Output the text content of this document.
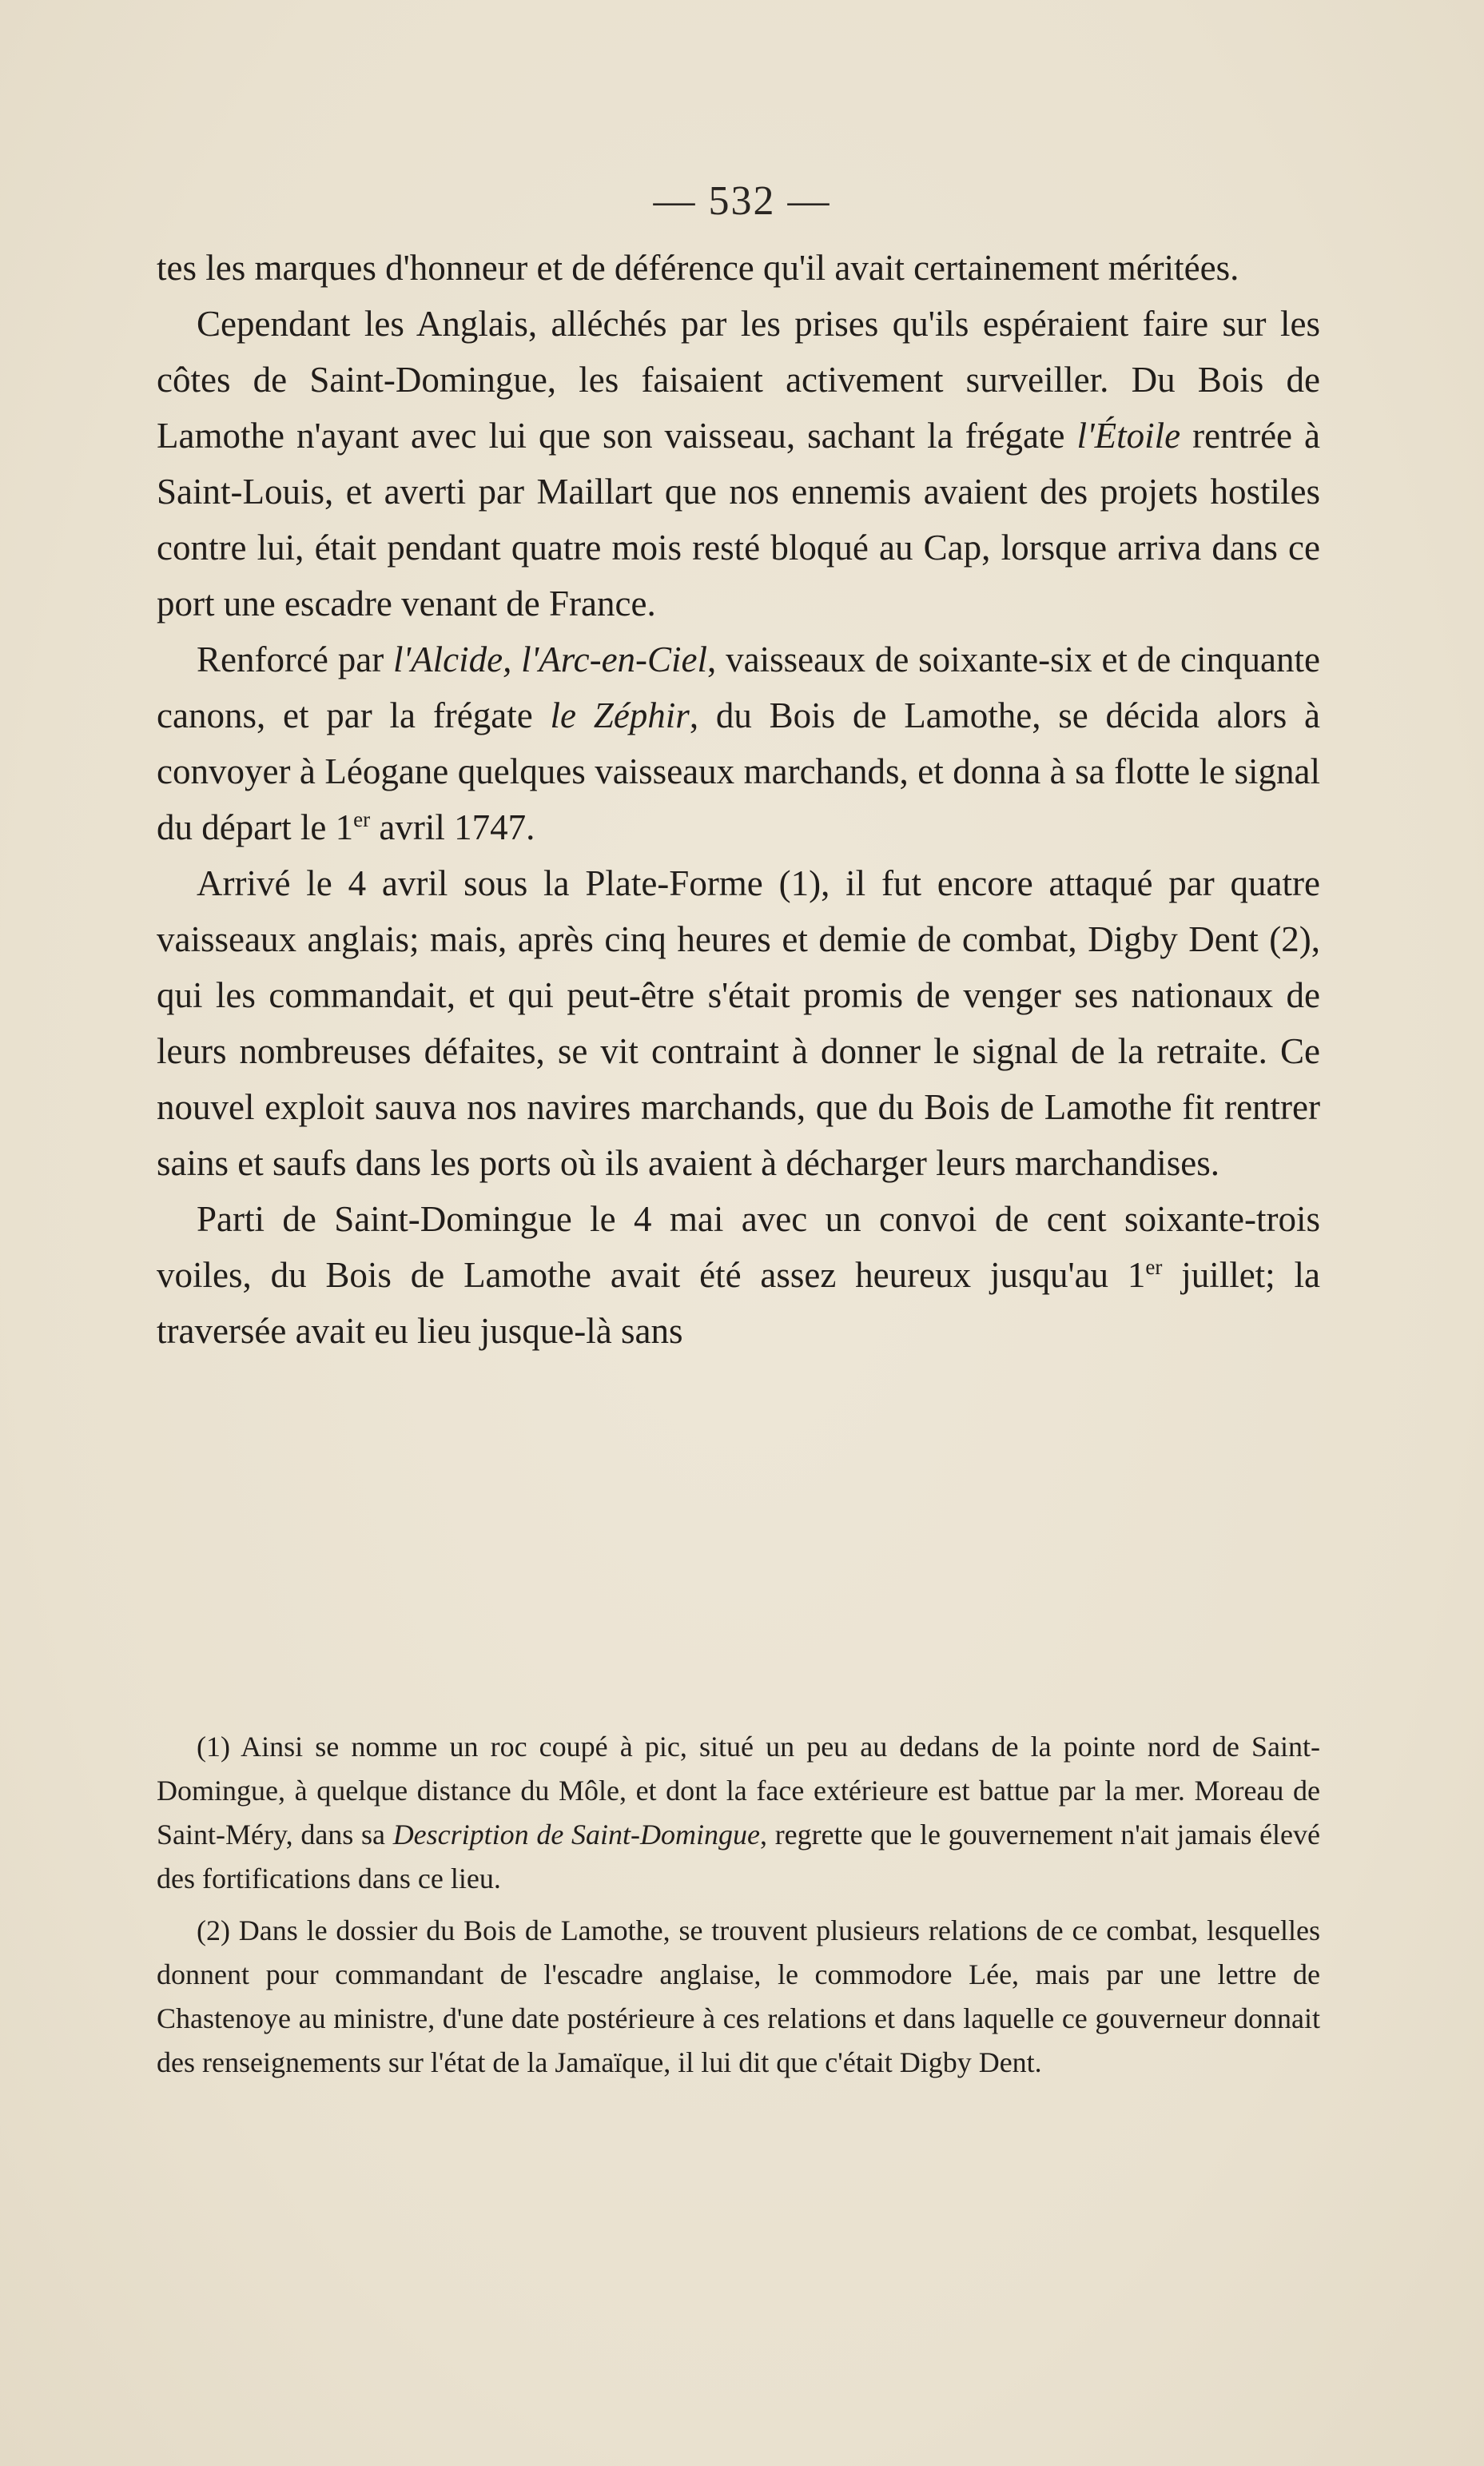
— 532 —

tes les marques d'honneur et de déférence qu'il avait certainement méritées.

Cependant les Anglais, alléchés par les prises qu'ils espéraient faire sur les côtes de Saint-Domingue, les faisaient activement surveiller. Du Bois de Lamothe n'ayant avec lui que son vaisseau, sachant la frégate l'Étoile rentrée à Saint-Louis, et averti par Maillart que nos ennemis avaient des projets hostiles contre lui, était pendant quatre mois resté bloqué au Cap, lorsque arriva dans ce port une escadre venant de France.

Renforcé par l'Alcide, l'Arc-en-Ciel, vaisseaux de soixante-six et de cinquante canons, et par la frégate le Zéphir, du Bois de Lamothe, se décida alors à convoyer à Léogane quelques vaisseaux marchands, et donna à sa flotte le signal du départ le 1er avril 1747.

Arrivé le 4 avril sous la Plate-Forme (1), il fut encore attaqué par quatre vaisseaux anglais; mais, après cinq heures et demie de combat, Digby Dent (2), qui les commandait, et qui peut-être s'était promis de venger ses nationaux de leurs nombreuses défaites, se vit contraint à donner le signal de la retraite. Ce nouvel exploit sauva nos navires marchands, que du Bois de Lamothe fit rentrer sains et saufs dans les ports où ils avaient à décharger leurs marchandises.

Parti de Saint-Domingue le 4 mai avec un convoi de cent soixante-trois voiles, du Bois de Lamothe avait été assez heureux jusqu'au 1er juillet; la traversée avait eu lieu jusque-là sans

(1) Ainsi se nomme un roc coupé à pic, situé un peu au dedans de la pointe nord de Saint-Domingue, à quelque distance du Môle, et dont la face extérieure est battue par la mer. Moreau de Saint-Méry, dans sa Description de Saint-Domingue, regrette que le gouvernement n'ait jamais élevé des fortifications dans ce lieu.

(2) Dans le dossier du Bois de Lamothe, se trouvent plusieurs relations de ce combat, lesquelles donnent pour commandant de l'escadre anglaise, le commodore Lée, mais par une lettre de Chastenoye au ministre, d'une date postérieure à ces relations et dans laquelle ce gouverneur donnait des renseignements sur l'état de la Jamaïque, il lui dit que c'était Digby Dent.
